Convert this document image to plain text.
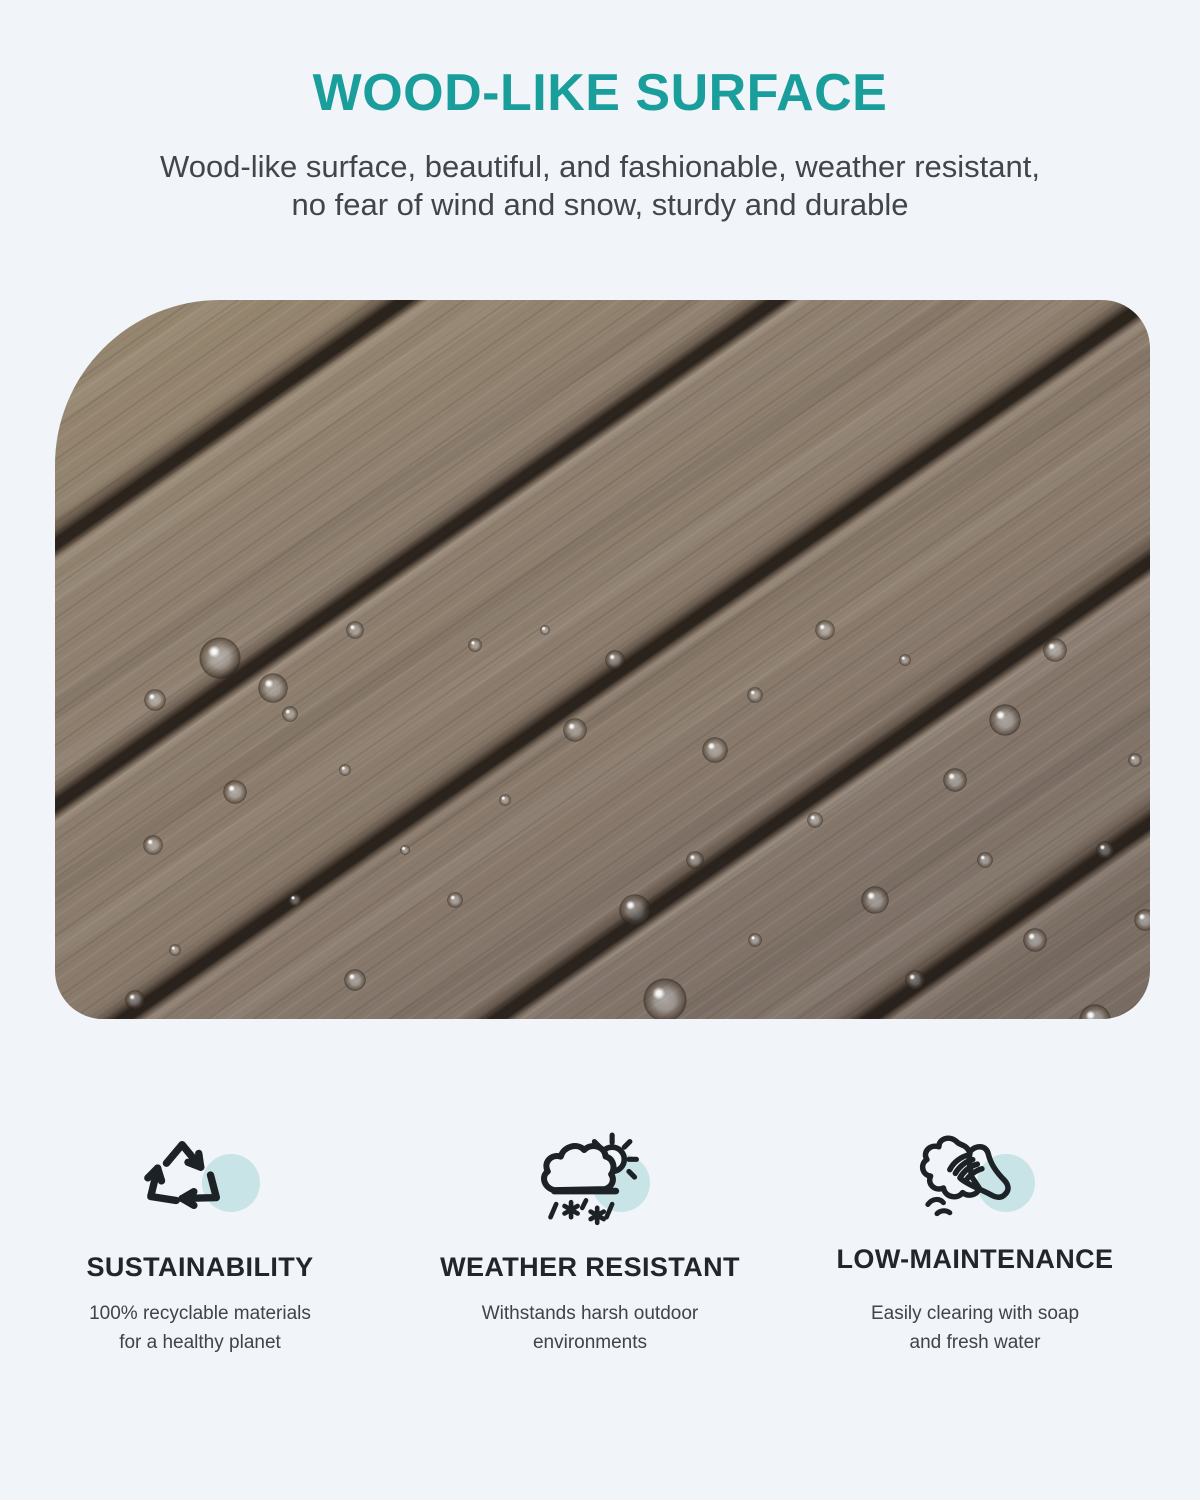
WOOD-LIKE SURFACE

Wood-like surface, beautiful, and fashionable, weather resistant,
no fear of wind and snow, sturdy and durable

SUSTAINABILITY

100% recyclable materials
for a healthy planet

WEATHER RESISTANT

Withstands harsh outdoor
environments

LOW-MAINTENANCE

Easily clearing with soap
and fresh water
